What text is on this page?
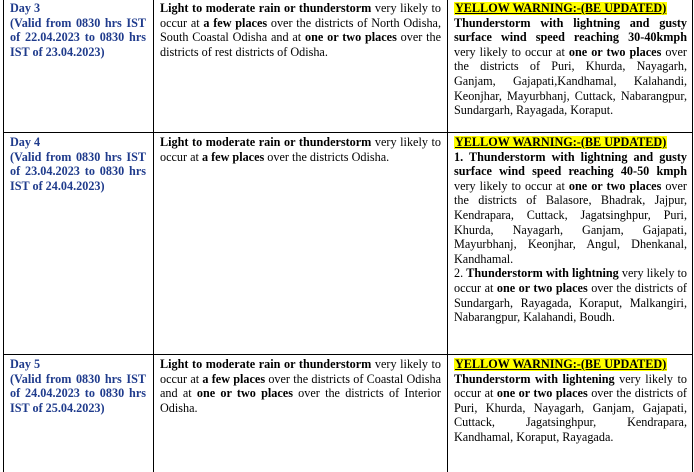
Day 3
(Valid from 0830 hrs IST of 22.04.2023 to 0830 hrs IST of 23.04.2023)
Light to moderate rain or thunderstorm very likely to occur at a few places over the districts of North Odisha, South Coastal Odisha and at one or two places over the districts of rest districts of Odisha.
YELLOW WARNING:-(BE UPDATED)
Thunderstorm with lightning and gusty surface wind speed reaching 30-40kmph very likely to occur at one or two places over the districts of Puri, Khurda, Nayagarh, Ganjam, Gajapati,Kandhamal, Kalahandi, Keonjhar, Mayurbhanj, Cuttack, Nabarangpur, Sundargarh, Rayagada, Koraput.
Day 4
(Valid from 0830 hrs IST of 23.04.2023 to 0830 hrs IST of 24.04.2023)
Light to moderate rain or thunderstorm very likely to occur at a few places over the districts Odisha.
YELLOW WARNING:-(BE UPDATED)
1. Thunderstorm with lightning and gusty surface wind speed reaching 40-50 kmph very likely to occur at one or two places over the districts of Balasore, Bhadrak, Jajpur, Kendrapara, Cuttack, Jagatsinghpur, Puri, Khurda, Nayagarh, Ganjam, Gajapati, Mayurbhanj, Keonjhar, Angul, Dhenkanal, Kandhamal.
2. Thunderstorm with lightning very likely to occur at one or two places over the districts of Sundargarh, Rayagada, Koraput, Malkangiri, Nabarangpur, Kalahandi, Boudh.
Day 5
(Valid from 0830 hrs IST of 24.04.2023 to 0830 hrs IST of 25.04.2023)
Light to moderate rain or thunderstorm very likely to occur at a few places over the districts of Coastal Odisha and at one or two places over the districts of Interior Odisha.
YELLOW WARNING:-(BE UPDATED)
Thunderstorm with lightening very likely to occur at one or two places over the districts of Puri, Khurda, Nayagarh, Ganjam, Gajapati, Cuttack, Jagatsinghpur, Kendrapara, Kandhamal, Koraput, Rayagada.
